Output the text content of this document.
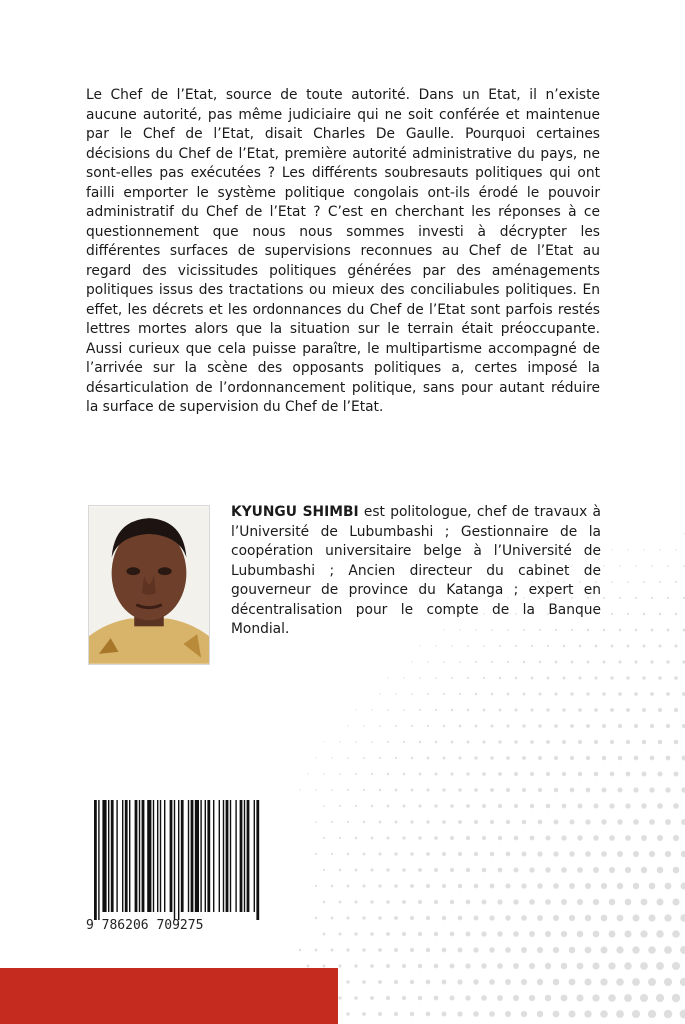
Le Chef de l’Etat, source de toute autorité. Dans un Etat, il n’existe aucune autorité, pas même judiciaire qui ne soit conférée et maintenue par le Chef de l’Etat, disait Charles De Gaulle. Pourquoi certaines décisions du Chef de l’Etat, première autorité administrative du pays, ne sont-elles pas exécutées ? Les différents soubresauts politiques qui ont failli emporter le système politique congolais ont-ils érodé le pouvoir administratif du Chef de l’Etat ? C’est en cherchant les réponses à ce questionnement que nous nous sommes investi à décrypter les différentes surfaces de supervisions reconnues au Chef de l’Etat au regard des vicissitudes politiques générées par des aménagements politiques issus des tractations ou mieux des conciliabules politiques. En effet, les décrets et les ordonnances du Chef de l’Etat sont parfois restés lettres mortes alors que la situation sur le terrain était préoccupante. Aussi curieux que cela puisse paraître, le multipartisme accompagné de l’arrivée sur la scène des opposants politiques a, certes imposé la désarticulation de l’ordonnancement politique, sans pour autant réduire la surface de supervision du Chef de l’Etat.

KYUNGU SHIMBI est politologue, chef de travaux à l’Université de Lubumbashi ; Gestionnaire de la coopération universitaire belge à l’Université de Lubumbashi ; Ancien directeur du cabinet de gouverneur de province du Katanga ; expert en décentralisation pour le compte de la Banque Mondial.

9 786206 709275
